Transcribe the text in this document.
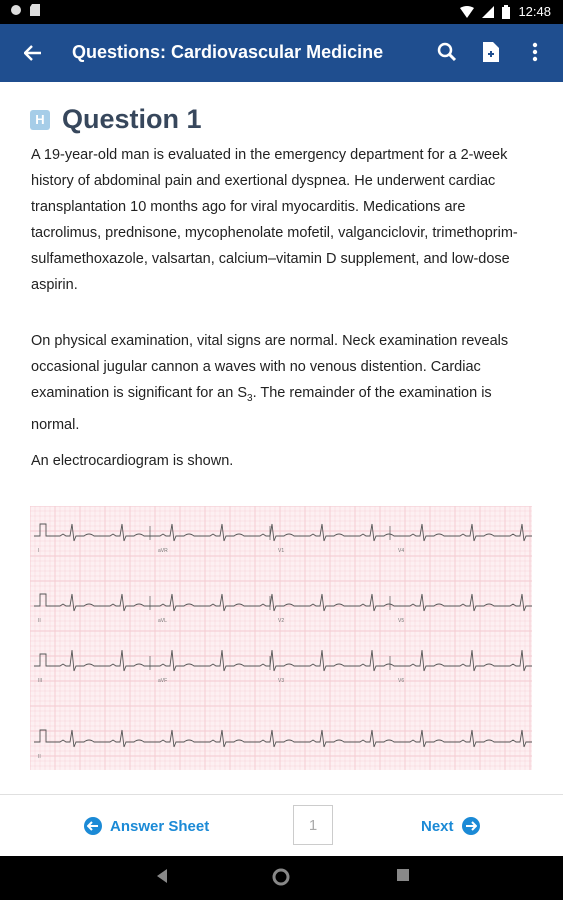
12:48
Questions: Cardiovascular Medicine
H Question 1

A 19-year-old man is evaluated in the emergency department for a 2-week history of abdominal pain and exertional dyspnea. He underwent cardiac transplantation 10 months ago for viral myocarditis. Medications are tacrolimus, prednisone, mycophenolate mofetil, valganciclovir, trimethoprim-sulfamethoxazole, valsartan, calcium–vitamin D supplement, and low-dose aspirin.

On physical examination, vital signs are normal. Neck examination reveals occasional jugular cannon a waves with no venous distention. Cardiac examination is significant for an $S_3$. The remainder of the examination is normal.

An electrocardiogram is shown.

I	aVR	V1	V4
II	aVL	V2	V5
III	aVF	V3	V6
II
Answer Sheet	1	Next
